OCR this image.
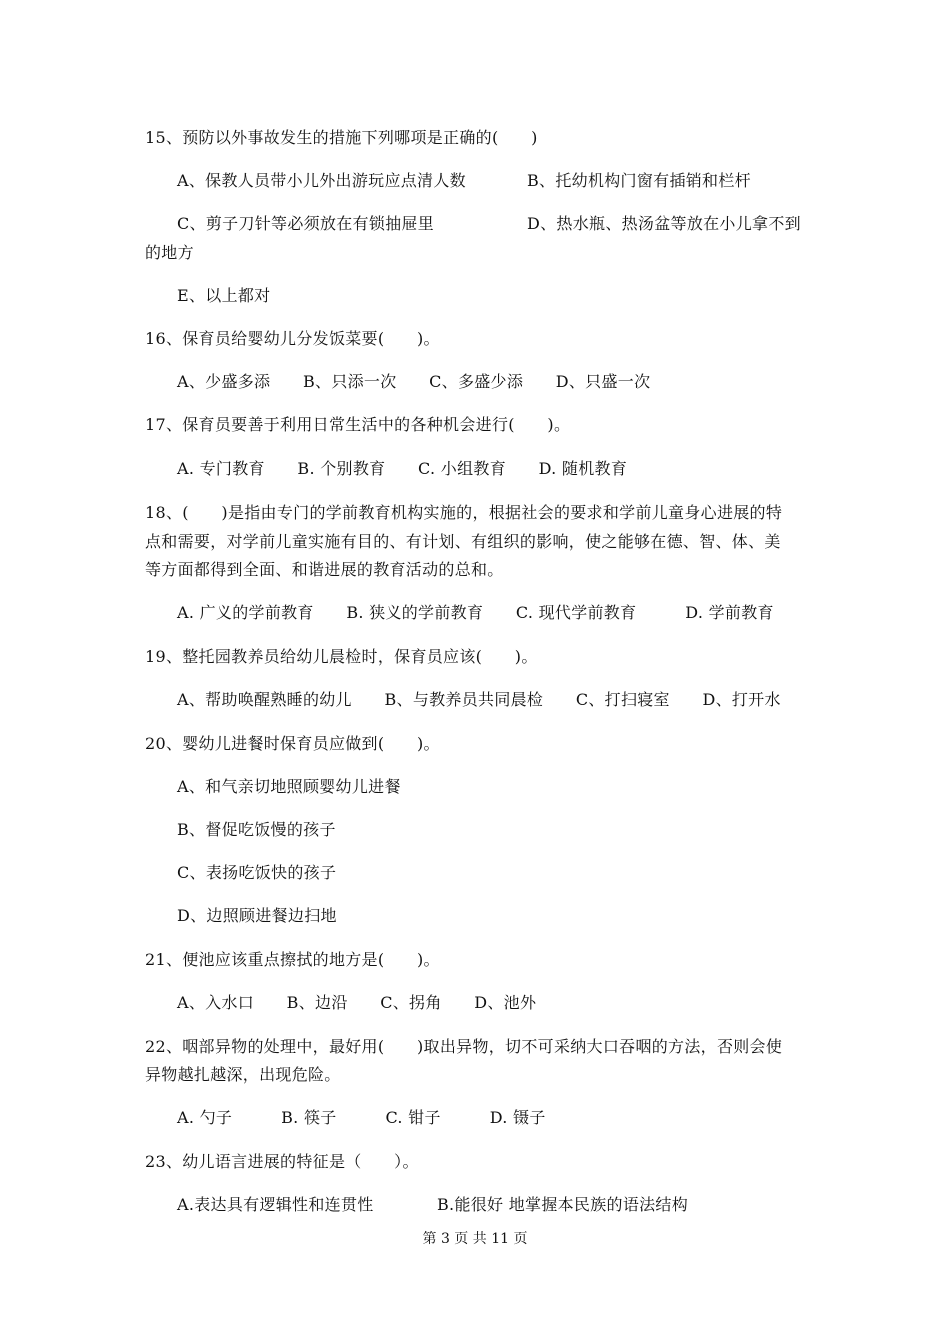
15、预防以外事故发生的措施下列哪项是正确的(　　)
A、保教人员带小儿外出游玩应点清人数	B、托幼机构门窗有插销和栏杆
C、剪子刀针等必须放在有锁抽屉里	D、热水瓶、热汤盆等放在小儿拿不到
的地方
E、以上都对
16、保育员给婴幼儿分发饭菜要(　　)。
A、少盛多添　　B、只添一次　　C、多盛少添　　D、只盛一次
17、保育员要善于利用日常生活中的各种机会进行(　　)。
A. 专门教育　　B. 个别教育　　C. 小组教育　　D. 随机教育
18、(　　)是指由专门的学前教育机构实施的，根据社会的要求和学前儿童身心进展的特
点和需要，对学前儿童实施有目的、有计划、有组织的影响，使之能够在德、智、体、美
等方面都得到全面、和谐进展的教育活动的总和。
A. 广义的学前教育　　B. 狭义的学前教育　　C. 现代学前教育　　　D. 学前教育
19、整托园教养员给幼儿晨检时，保育员应该(　　)。
A、帮助唤醒熟睡的幼儿　　B、与教养员共同晨检　　C、打扫寝室　　D、打开水
20、婴幼儿进餐时保育员应做到(　　)。
A、和气亲切地照顾婴幼儿进餐
B、督促吃饭慢的孩子
C、表扬吃饭快的孩子
D、边照顾进餐边扫地
21、便池应该重点擦拭的地方是(　　)。
A、入水口　　B、边沿　　C、拐角　　D、池外
22、咽部异物的处理中，最好用(　　)取出异物，切不可采纳大口吞咽的方法，否则会使
异物越扎越深，出现危险。
A. 勺子　　　B. 筷子　　　C. 钳子　　　D. 镊子
23、幼儿语言进展的特征是（　　）。
A.表达具有逻辑性和连贯性	B.能很好 地掌握本民族的语法结构
第 3 页 共 11 页
